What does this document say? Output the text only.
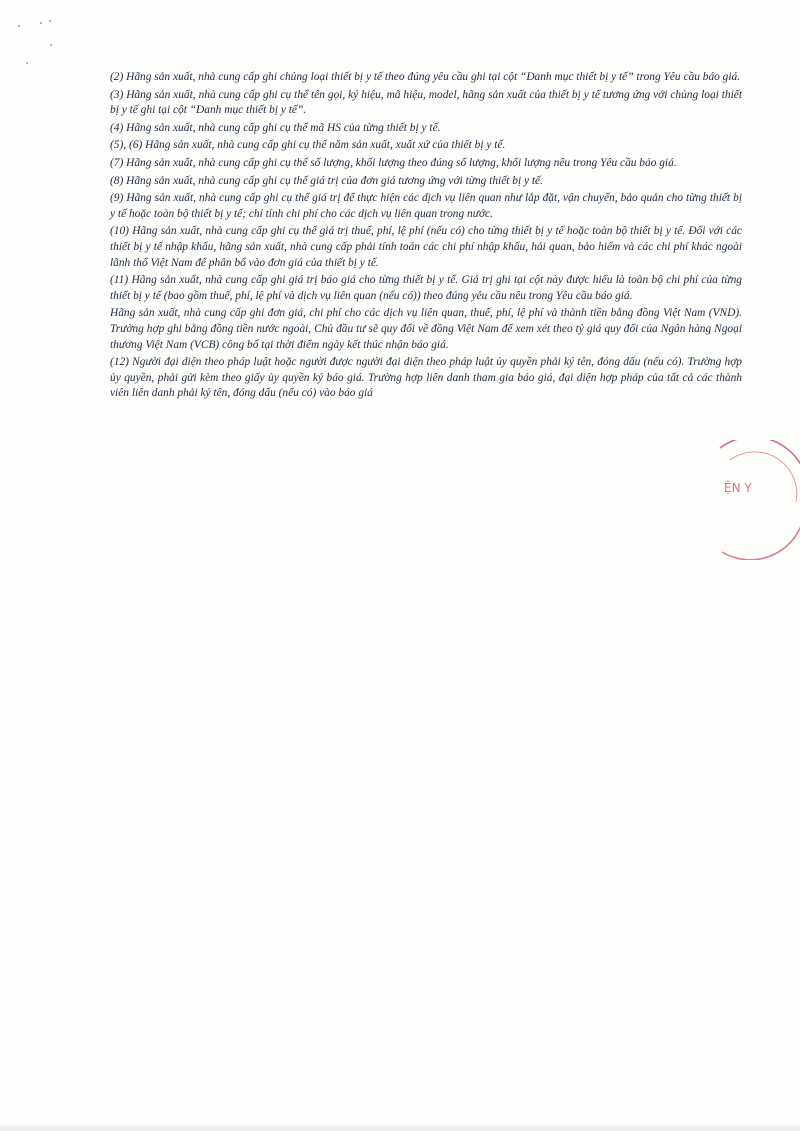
(2) Hãng sản xuất, nhà cung cấp ghi chủng loại thiết bị y tế theo đúng yêu cầu ghi tại cột “Danh mục thiết bị y tế” trong Yêu cầu báo giá.

(3) Hãng sản xuất, nhà cung cấp ghi cụ thể tên gọi, ký hiệu, mã hiệu, model, hãng sản xuất của thiết bị y tế tương ứng với chủng loại thiết bị y tế ghi tại cột “Danh mục thiết bị y tế”.

(4) Hãng sản xuất, nhà cung cấp ghi cụ thể mã HS của từng thiết bị y tế.

(5), (6) Hãng sản xuất, nhà cung cấp ghi cụ thể năm sản xuất, xuất xứ của thiết bị y tế.

(7) Hãng sản xuất, nhà cung cấp ghi cụ thể số lượng, khối lượng theo đúng số lượng, khối lượng nêu trong Yêu cầu báo giá.

(8) Hãng sản xuất, nhà cung cấp ghi cụ thể giá trị của đơn giá tương ứng với từng thiết bị y tế.

(9) Hãng sản xuất, nhà cung cấp ghi cụ thể giá trị để thực hiện các dịch vụ liên quan như lắp đặt, vận chuyển, bảo quản cho từng thiết bị y tế hoặc toàn bộ thiết bị y tế; chỉ tính chi phí cho các dịch vụ liên quan trong nước.

(10) Hãng sản xuất, nhà cung cấp ghi cụ thể giá trị thuế, phí, lệ phí (nếu có) cho từng thiết bị y tế hoặc toàn bộ thiết bị y tế. Đối với các thiết bị y tế nhập khẩu, hãng sản xuất, nhà cung cấp phải tính toán các chi phí nhập khẩu, hải quan, bảo hiểm và các chi phí khác ngoài lãnh thổ Việt Nam để phân bổ vào đơn giá của thiết bị y tế.

(11) Hãng sản xuất, nhà cung cấp ghi giá trị báo giá cho từng thiết bị y tế. Giá trị ghi tại cột này được hiểu là toàn bộ chi phí của từng thiết bị y tế (bao gồm thuế, phí, lệ phí và dịch vụ liên quan (nếu có)) theo đúng yêu cầu nêu trong Yêu cầu báo giá.

Hãng sản xuất, nhà cung cấp ghi đơn giá, chi phí cho các dịch vụ liên quan, thuế, phí, lệ phí và thành tiền bằng đồng Việt Nam (VND). Trường hợp ghi bằng đồng tiền nước ngoài, Chủ đầu tư sẽ quy đổi về đồng Việt Nam để xem xét theo tỷ giá quy đổi của Ngân hàng Ngoại thương Việt Nam (VCB) công bố tại thời điểm ngày kết thúc nhận báo giá.

(12) Người đại diện theo pháp luật hoặc người được người đại diện theo pháp luật ủy quyền phải ký tên, đóng dấu (nếu có). Trường hợp ủy quyền, phải gửi kèm theo giấy ủy quyền ký báo giá. Trường hợp liên danh tham gia báo giá, đại diện hợp pháp của tất cả các thành viên liên danh phải ký tên, đóng dấu (nếu có) vào báo giá

ỆN Y
